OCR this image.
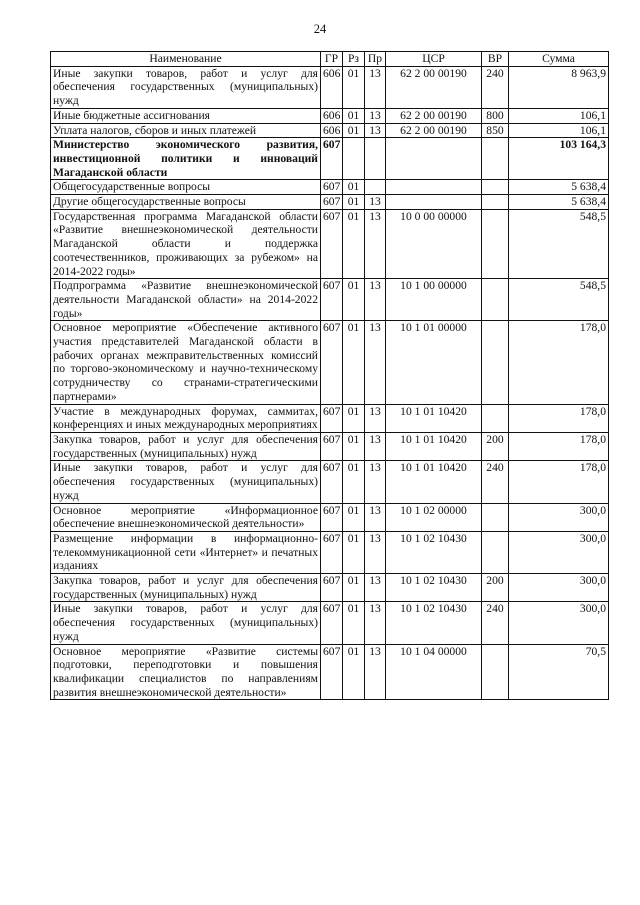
24
Наименование	ГР	Рз	Пр	ЦСР	ВР	Сумма
Иные закупки товаров, работ и услуг для обеспечения государственных (муниципальных) нужд	606	01	13	62 2 00 00190	240	8 963,9
Иные бюджетные ассигнования	606	01	13	62 2 00 00190	800	106,1
Уплата налогов, сборов и иных платежей	606	01	13	62 2 00 00190	850	106,1
Министерство экономического развития, инвестиционной политики и инноваций Магаданской области	607					103 164,3
Общегосударственные вопросы	607	01				5 638,4
Другие общегосударственные вопросы	607	01	13			5 638,4
Государственная программа Магаданской области «Развитие внешнеэкономической деятельности Магаданской области и поддержка соотечественников, проживающих за рубежом» на 2014-2022 годы»	607	01	13	10 0 00 00000		548,5
Подпрограмма «Развитие внешнеэкономической деятельности Магаданской области» на 2014-2022 годы»	607	01	13	10 1 00 00000		548,5
Основное мероприятие «Обеспечение активного участия представителей Магаданской области в рабочих органах межправительственных комиссий по торгово-экономическому и научно-техническому сотрудничеству со странами-стратегическими партнерами»	607	01	13	10 1 01 00000		178,0
Участие в международных форумах, саммитах, конференциях и иных международных мероприятиях	607	01	13	10 1 01 10420		178,0
Закупка товаров, работ и услуг для обеспечения государственных (муниципальных) нужд	607	01	13	10 1 01 10420	200	178,0
Иные закупки товаров, работ и услуг для обеспечения государственных (муниципальных) нужд	607	01	13	10 1 01 10420	240	178,0
Основное мероприятие «Информационное обеспечение внешнеэкономической деятельности»	607	01	13	10 1 02 00000		300,0
Размещение информации в информационно-телекоммуникационной сети «Интернет» и печатных изданиях	607	01	13	10 1 02 10430		300,0
Закупка товаров, работ и услуг для обеспечения государственных (муниципальных) нужд	607	01	13	10 1 02 10430	200	300,0
Иные закупки товаров, работ и услуг для обеспечения государственных (муниципальных) нужд	607	01	13	10 1 02 10430	240	300,0
Основное мероприятие «Развитие системы подготовки, переподготовки и повышения квалификации специалистов по направлениям развития внешнеэкономической деятельности»	607	01	13	10 1 04 00000		70,5
